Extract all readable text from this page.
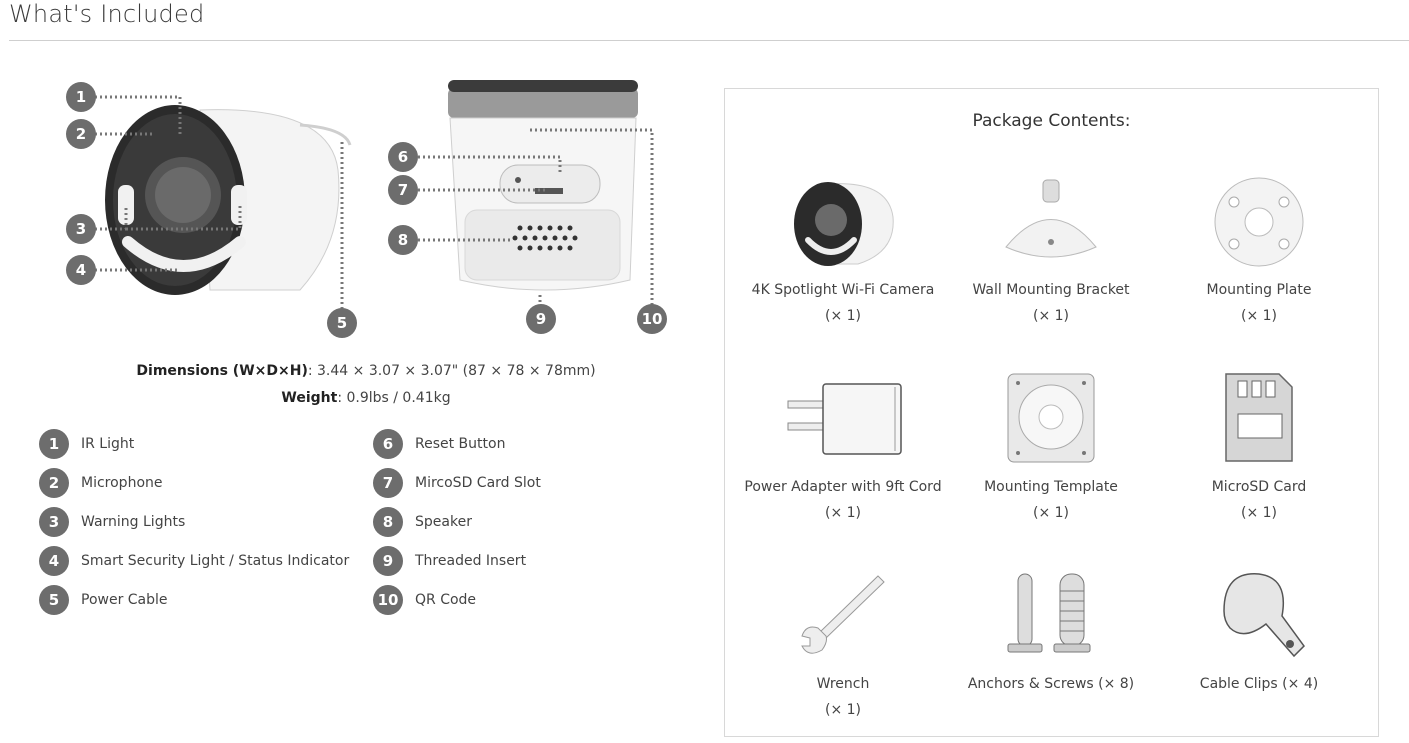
What's Included
1
2
3
4
5
6
7
8
9	10
Dimensions (W×D×H): 3.44 × 3.07 × 3.07" (87 × 78 × 78mm)
Weight: 0.9lbs / 0.41kg
1	IR Light
2	Microphone
3	Warning Lights
4	Smart Security Light / Status Indicator
5	Power Cable
6	Reset Button
7	MircoSD Card Slot
8	Speaker
9	Threaded Insert
10	QR Code
Package Contents:
4K Spotlight Wi-Fi Camera
(× 1)
Wall Mounting Bracket
(× 1)
Mounting Plate
(× 1)
Power Adapter with 9ft Cord
(× 1)
Mounting Template
(× 1)
MicroSD Card
(× 1)
Wrench
(× 1)
Anchors & Screws (× 8)	Cable Clips (× 4)
